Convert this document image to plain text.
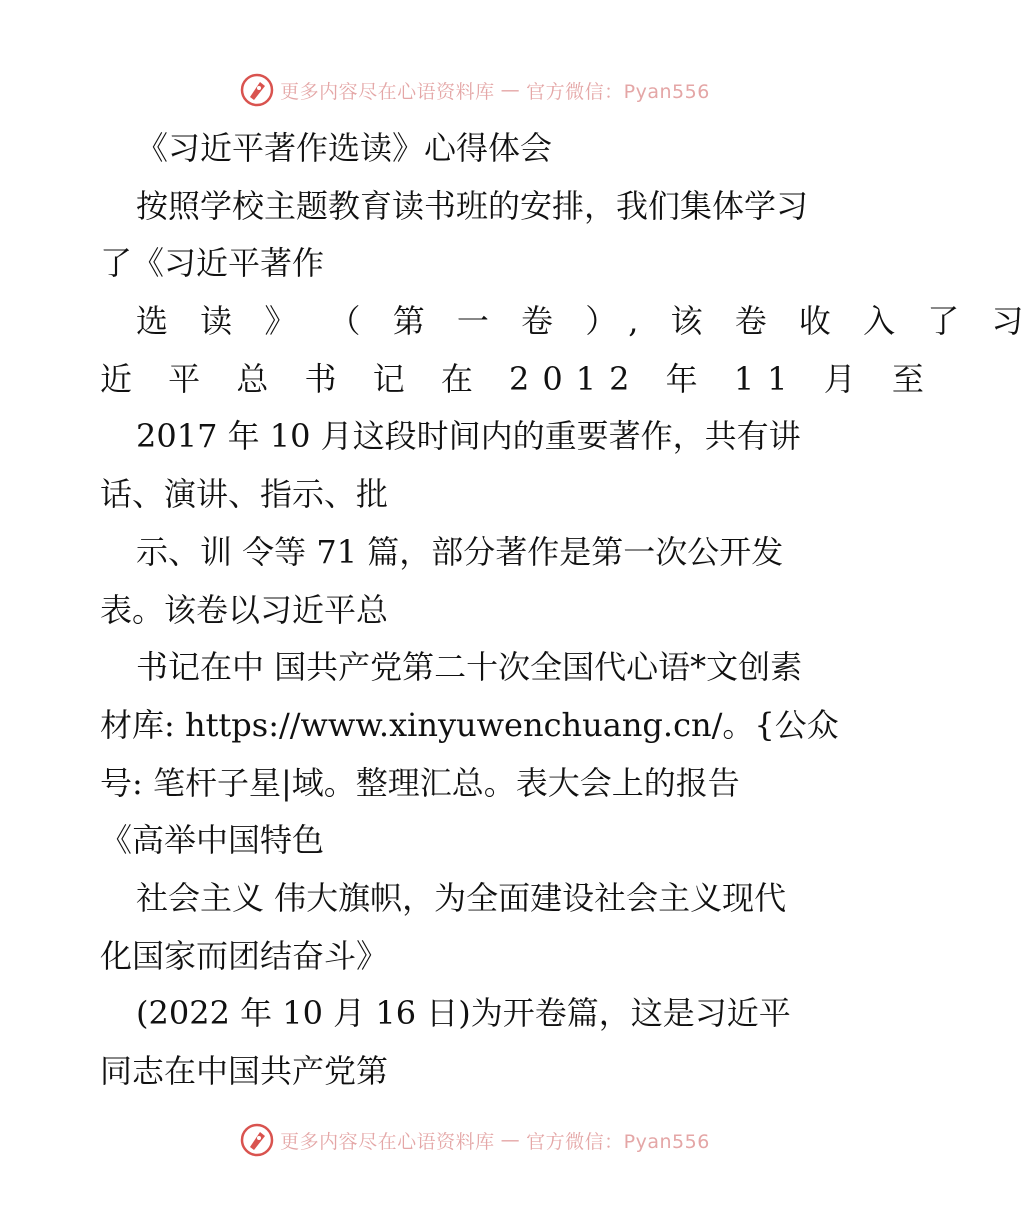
更多内容尽在心语资料库 — 官方微信：Pyan556
《习近平著作选读》心得体会
按照学校主题教育读书班的安排，我们集体学习
了《习近平著作
选 读 》 （ 第 一 卷 ）, 该 卷 收 入 了 习
近 平 总 书 记 在 2012 年 11 月 至
2017 年 10 月这段时间内的重要著作，共有讲
话、演讲、指示、批
示、训 令等 71 篇，部分著作是第一次公开发
表。该卷以习近平总
书记在中 国共产党第二十次全国代心语*文创素
材库: https://www.xinyuwenchuang.cn/。{公众
号: 笔杆子星|域。整理汇总。表大会上的报告
《高举中国特色
社会主义 伟大旗帜，为全面建设社会主义现代
化国家而团结奋斗》
(2022 年 10 月 16 日)为开卷篇，这是习近平
同志在中国共产党第
更多内容尽在心语资料库 — 官方微信：Pyan556
